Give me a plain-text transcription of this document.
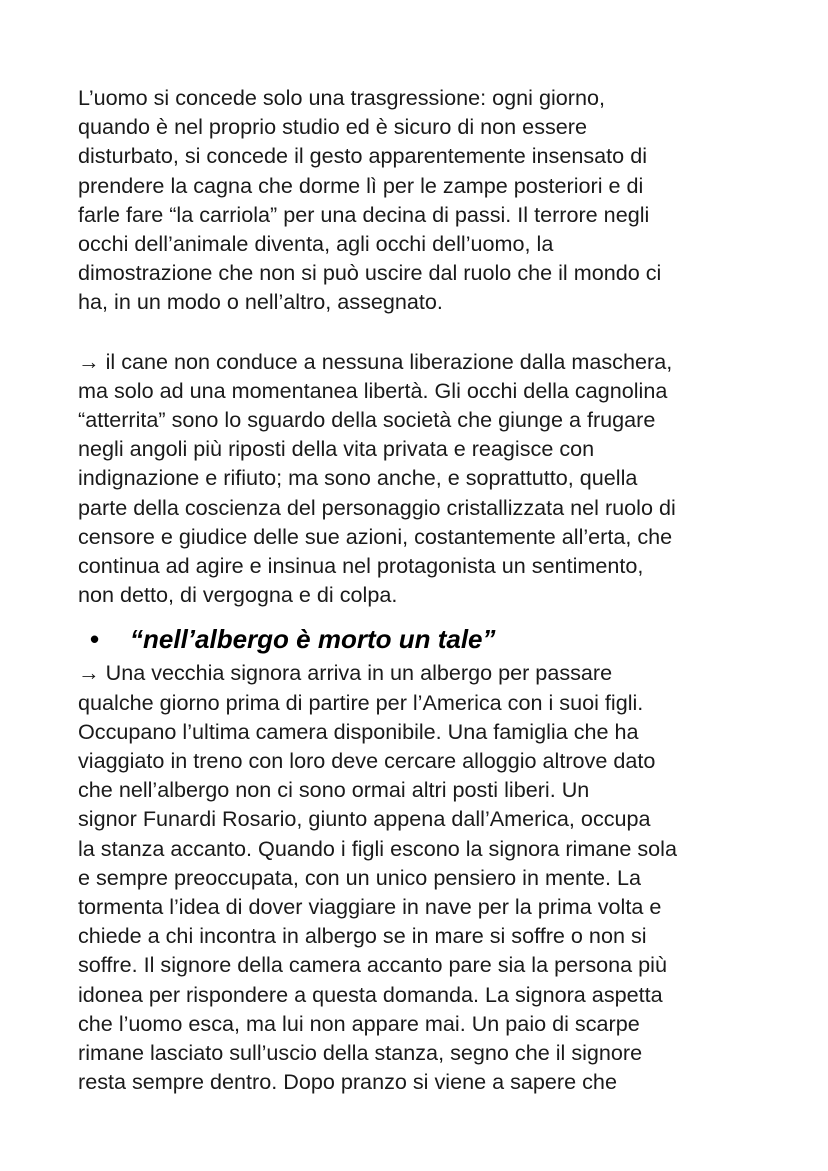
L’uomo si concede solo una trasgressione: ogni giorno,
quando è nel proprio studio ed è sicuro di non essere
disturbato, si concede il gesto apparentemente insensato di
prendere la cagna che dorme lì per le zampe posteriori e di
farle fare “la carriola” per una decina di passi. Il terrore negli
occhi dell’animale diventa, agli occhi dell’uomo, la
dimostrazione che non si può uscire dal ruolo che il mondo ci
ha, in un modo o nell’altro, assegnato.

→ il cane non conduce a nessuna liberazione dalla maschera,
ma solo ad una momentanea libertà. Gli occhi della cagnolina
“atterrita” sono lo sguardo della società che giunge a frugare
negli angoli più riposti della vita privata e reagisce con
indignazione e rifiuto; ma sono anche, e soprattutto, quella
parte della coscienza del personaggio cristallizzata nel ruolo di
censore e giudice delle sue azioni, costantemente all’erta, che
continua ad agire e insinua nel protagonista un sentimento,
non detto, di vergogna e di colpa.

•	“nell’albergo è morto un tale”

→ Una vecchia signora arriva in un albergo per passare
qualche giorno prima di partire per l’America con i suoi figli.
Occupano l’ultima camera disponibile. Una famiglia che ha
viaggiato in treno con loro deve cercare alloggio altrove dato
che nell’albergo non ci sono ormai altri posti liberi. Un
signor Funardi Rosario, giunto appena dall’America, occupa
la stanza accanto. Quando i figli escono la signora rimane sola
e sempre preoccupata, con un unico pensiero in mente. La
tormenta l’idea di dover viaggiare in nave per la prima volta e
chiede a chi incontra in albergo se in mare si soffre o non si
soffre. Il signore della camera accanto pare sia la persona più
idonea per rispondere a questa domanda. La signora aspetta
che l’uomo esca, ma lui non appare mai. Un paio di scarpe
rimane lasciato sull’uscio della stanza, segno che il signore
resta sempre dentro. Dopo pranzo si viene a sapere che
